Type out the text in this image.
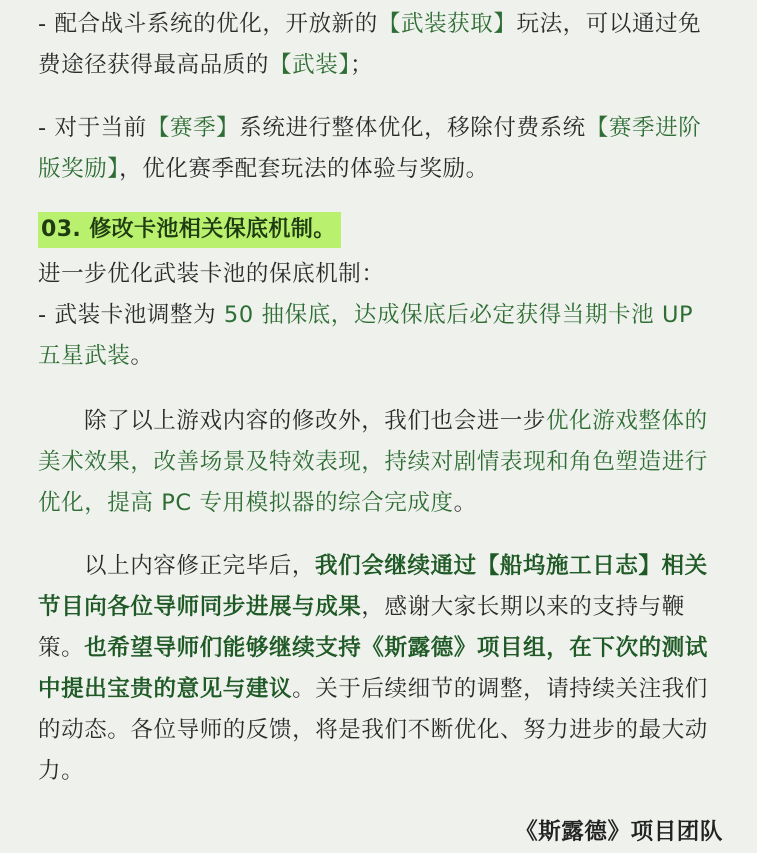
- 配合战斗系统的优化，开放新的【武装获取】玩法，可以通过免费途径获得最高品质的【武装】；

- 对于当前【赛季】系统进行整体优化，移除付费系统【赛季进阶版奖励】，优化赛季配套玩法的体验与奖励。

03. 修改卡池相关保底机制。

进一步优化武装卡池的保底机制：

- 武装卡池调整为 50 抽保底，达成保底后必定获得当期卡池 UP 五星武装。

除了以上游戏内容的修改外，我们也会进一步优化游戏整体的美术效果，改善场景及特效表现，持续对剧情表现和角色塑造进行优化，提高 PC 专用模拟器的综合完成度。

以上内容修正完毕后，我们会继续通过【船坞施工日志】相关节目向各位导师同步进展与成果，感谢大家长期以来的支持与鞭策。也希望导师们能够继续支持《斯露德》项目组，在下次的测试中提出宝贵的意见与建议。关于后续细节的调整，请持续关注我们的动态。各位导师的反馈，将是我们不断优化、努力进步的最大动力。

《斯露德》项目团队
